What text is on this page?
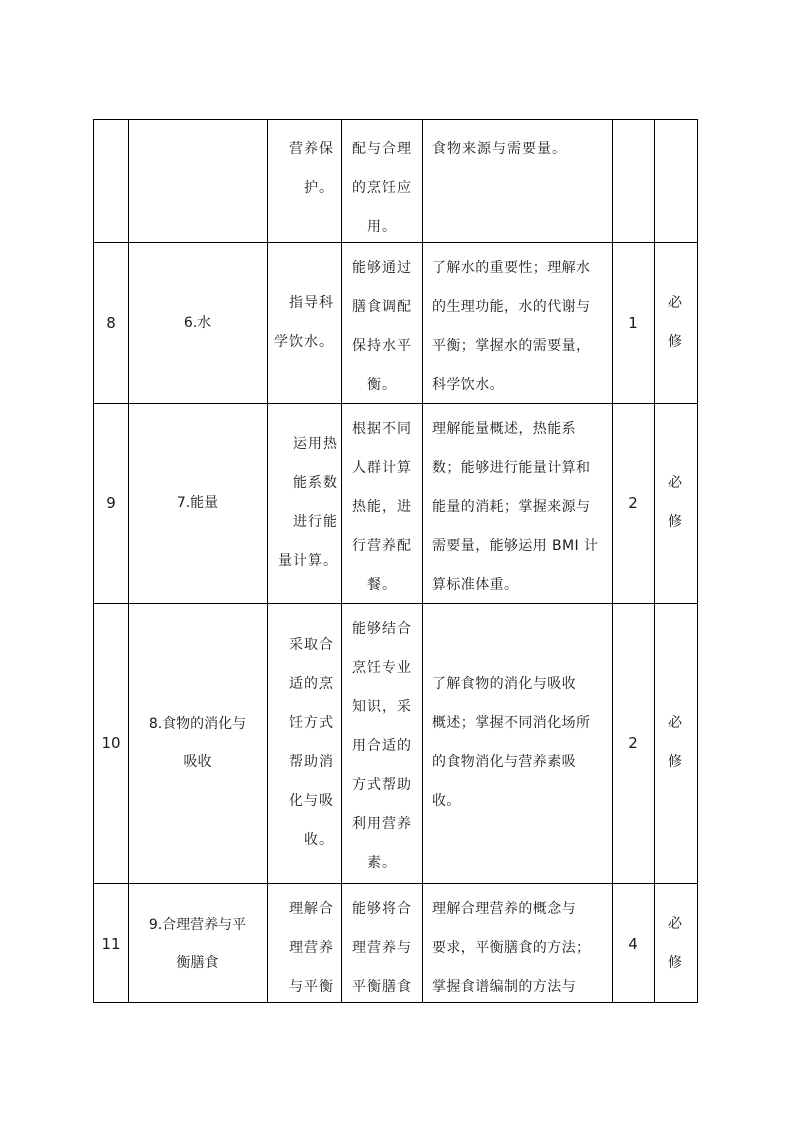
营养保
护。
配与合理
的烹饪应
用。
食物来源与需要量。
8	6.水
指导科
学饮水。
能够通过
膳食调配
保持水平
衡。
了解水的重要性；理解水
的生理功能，水的代谢与
平衡；掌握水的需要量，
科学饮水。
1
必
修
9	7.能量
运用热
能系数
进行能
量计算。
根据不同
人群计算
热能，进
行营养配
餐。
理解能量概述，热能系
数；能够进行能量计算和
能量的消耗；掌握来源与
需要量，能够运用 BMI 计
算标准体重。
2
必
修
10
8.食物的消化与
吸收
采取合
适的烹
饪方式
帮助消
化与吸
收。
能够结合
烹饪专业
知识，采
用合适的
方式帮助
利用营养
素。
了解食物的消化与吸收
概述；掌握不同消化场所
的食物消化与营养素吸
收。
2
必
修
11
9.合理营养与平
衡膳食
理解合
理营养
与平衡
能够将合
理营养与
平衡膳食
理解合理营养的概念与
要求，平衡膳食的方法；
掌握食谱编制的方法与
4
必
修
